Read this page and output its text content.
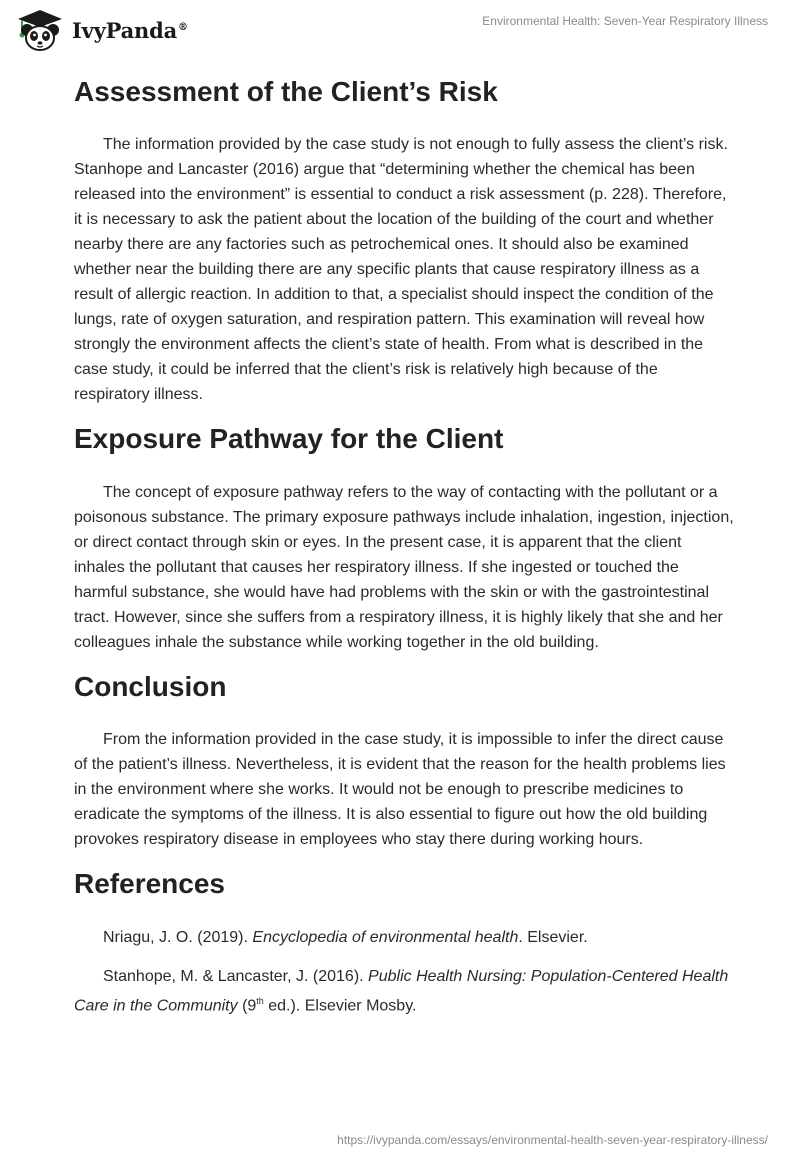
IvyPanda®	Environmental Health: Seven-Year Respiratory Illness
Assessment of the Client’s Risk

The information provided by the case study is not enough to fully assess the client’s risk. Stanhope and Lancaster (2016) argue that “determining whether the chemical has been released into the environment” is essential to conduct a risk assessment (p. 228). Therefore, it is necessary to ask the patient about the location of the building of the court and whether nearby there are any factories such as petrochemical ones. It should also be examined whether near the building there are any specific plants that cause respiratory illness as a result of allergic reaction. In addition to that, a specialist should inspect the condition of the lungs, rate of oxygen saturation, and respiration pattern. This examination will reveal how strongly the environment affects the client’s state of health. From what is described in the case study, it could be inferred that the client’s risk is relatively high because of the respiratory illness.

Exposure Pathway for the Client

The concept of exposure pathway refers to the way of contacting with the pollutant or a poisonous substance. The primary exposure pathways include inhalation, ingestion, injection, or direct contact through skin or eyes. In the present case, it is apparent that the client inhales the pollutant that causes her respiratory illness. If she ingested or touched the harmful substance, she would have had problems with the skin or with the gastrointestinal tract. However, since she suffers from a respiratory illness, it is highly likely that she and her colleagues inhale the substance while working together in the old building.

Conclusion

From the information provided in the case study, it is impossible to infer the direct cause of the patient’s illness. Nevertheless, it is evident that the reason for the health problems lies in the environment where she works. It would not be enough to prescribe medicines to eradicate the symptoms of the illness. It is also essential to figure out how the old building provokes respiratory disease in employees who stay there during working hours.

References

Nriagu, J. O. (2019). Encyclopedia of environmental health. Elsevier.

Stanhope, M. & Lancaster, J. (2016). Public Health Nursing: Population-Centered Health Care in the Community (9th ed.). Elsevier Mosby.

https://ivypanda.com/essays/environmental-health-seven-year-respiratory-illness/
